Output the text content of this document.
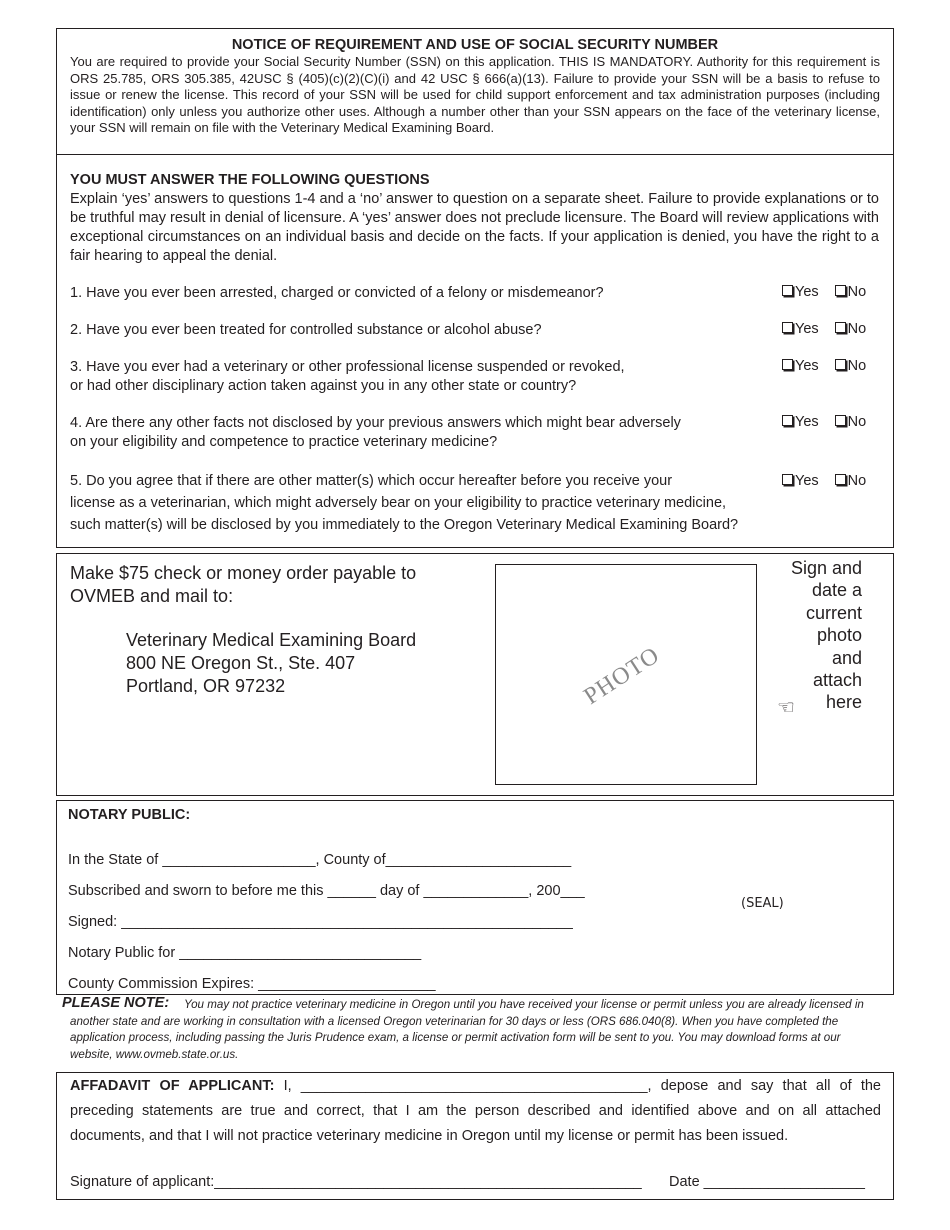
NOTICE OF REQUIREMENT AND USE OF SOCIAL SECURITY NUMBER
You are required to provide your Social Security Number (SSN) on this application. THIS IS MANDATORY. Authority for this requirement is ORS 25.785, ORS 305.385, 42USC § (405)(c)(2)(C)(i) and 42 USC § 666(a)(13). Failure to provide your SSN will be a basis to refuse to issue or renew the license. This record of your SSN will be used for child support enforcement and tax administration purposes (including identification) only unless you authorize other uses. Although a number other than your SSN appears on the face of the veterinary license, your SSN will remain on file with the Veterinary Medical Examining Board.
YOU MUST ANSWER THE FOLLOWING QUESTIONS
Explain ‘yes’ answers to questions 1-4 and a ‘no’ answer to question on a separate sheet. Failure to provide explanations or to be truthful may result in denial of licensure. A ‘yes’ answer does not preclude licensure. The Board will review applications with exceptional circumstances on an individual basis and decide on the facts. If your application is denied, you have the right to a fair hearing to appeal the denial.
1. Have you ever been arrested, charged or convicted of a felony or misdemeanor?	Yes No
2. Have you ever been treated for controlled substance or alcohol abuse?	Yes No
3. Have you ever had a veterinary or other professional license suspended or revoked,
or had other disciplinary action taken against you in any other state or country?
Yes No
4. Are there any other facts not disclosed by your previous answers which might bear adversely
on your eligibility and competence to practice veterinary medicine?
Yes No
5. Do you agree that if there are other matter(s) which occur hereafter before you receive your
license as a veterinarian, which might adversely bear on your eligibility to practice veterinary medicine,
such matter(s) will be disclosed by you immediately to the Oregon Veterinary Medical Examining Board?
Yes No
Make $75 check or money order payable to
OVMEB and mail to:
Veterinary Medical Examining Board
800 NE Oregon St., Ste. 407
Portland, OR 97232	PHOTO
Sign and
date a
current
photo
and
attach
here
☜
NOTARY PUBLIC:
In the State of ___________________, County of_______________________
Subscribed and sworn to before me this ______ day of _____________, 200___
Signed: ________________________________________________________
Notary Public for ______________________________
County Commission Expires: ______________________
(SEAL)
PLEASE NOTE:	You may not practice veterinary medicine in Oregon until you have received your license or permit unless you are already licensed in another state and are working in consultation with a licensed Oregon veterinarian for 30 days or less (ORS 686.040(8). When you have completed the application process, including passing the Juris Prudence exam, a license or permit activation form will be sent to you. You may download forms at our website, www.ovmeb.state.or.us.
AFFADAVIT OF APPLICANT: I, ___________________________________________, depose and say that all of the preceding statements are true and correct, that I am the person described and identified above and on all attached documents, and that I will not practice veterinary medicine in Oregon until my license or permit has been issued.
Signature of applicant:_____________________________________________________ Date ____________________
